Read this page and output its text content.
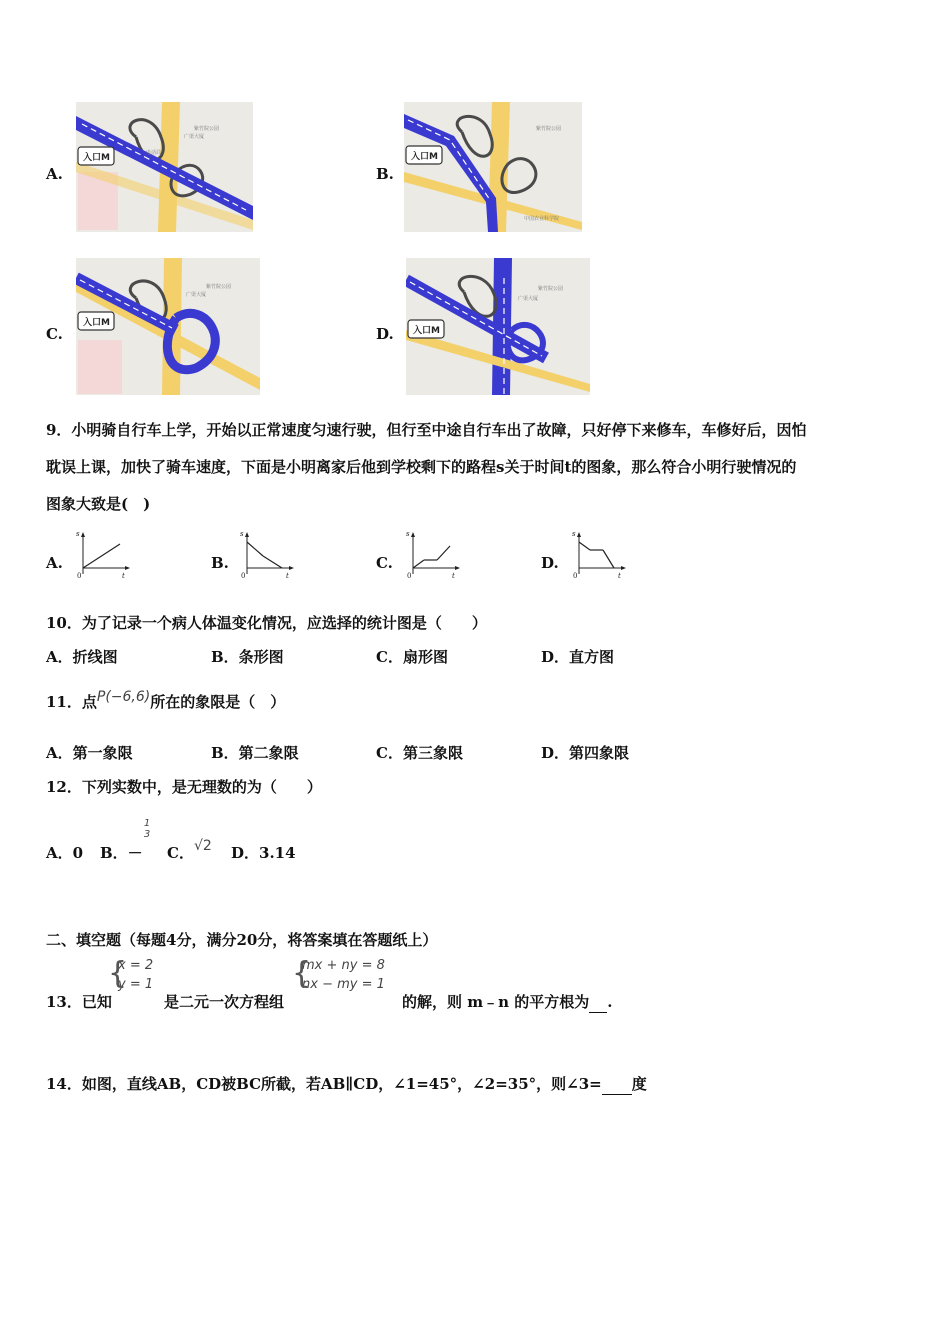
A.
入口M
紫竹院公园
广渠大厦
电话局
B.
入口M
紫竹院公园
中国农业科学院
C.
入口M
紫竹院公园
广渠大厦
D. 入口M
紫竹院公园
广渠大厦
9．小明骑自行车上学，开始以正常速度匀速行驶，但行至中途自行车出了故障，只好停下来修车，车修好后，因怕
耽误上课，加快了骑车速度，下面是小明离家后他到学校剩下的路程s关于时间t的图象，那么符合小明行驶情况的
图象大致是(　)
A.
s
t
0
B.
s
t
0
C.
s
t
0
D.
s
t
0
10．为了记录一个病人体温变化情况，应选择的统计图是（　　）
A．折线图	B．条形图	C．扇形图	D．直方图
11．点P(−6,6)所在的象限是（　）
A．第一象限	B．第二象限	C．第三象限	D．第四象限
12．下列实数中，是无理数的为（　　）
A．0 B．－
1
3
C．√2 D．3.14
二、填空题（每题4分，满分20分，将答案填在答题纸上）
{
x = 2
y = 1	{
mx + ny = 8
nx − my = 1
13．已知	是二元一次方程组	的解，则 m﹣n 的平方根为 .
14．如图，直线AB，CD被BC所截，若AB∥CD，∠1=45°，∠2=35°，则∠3= 度
